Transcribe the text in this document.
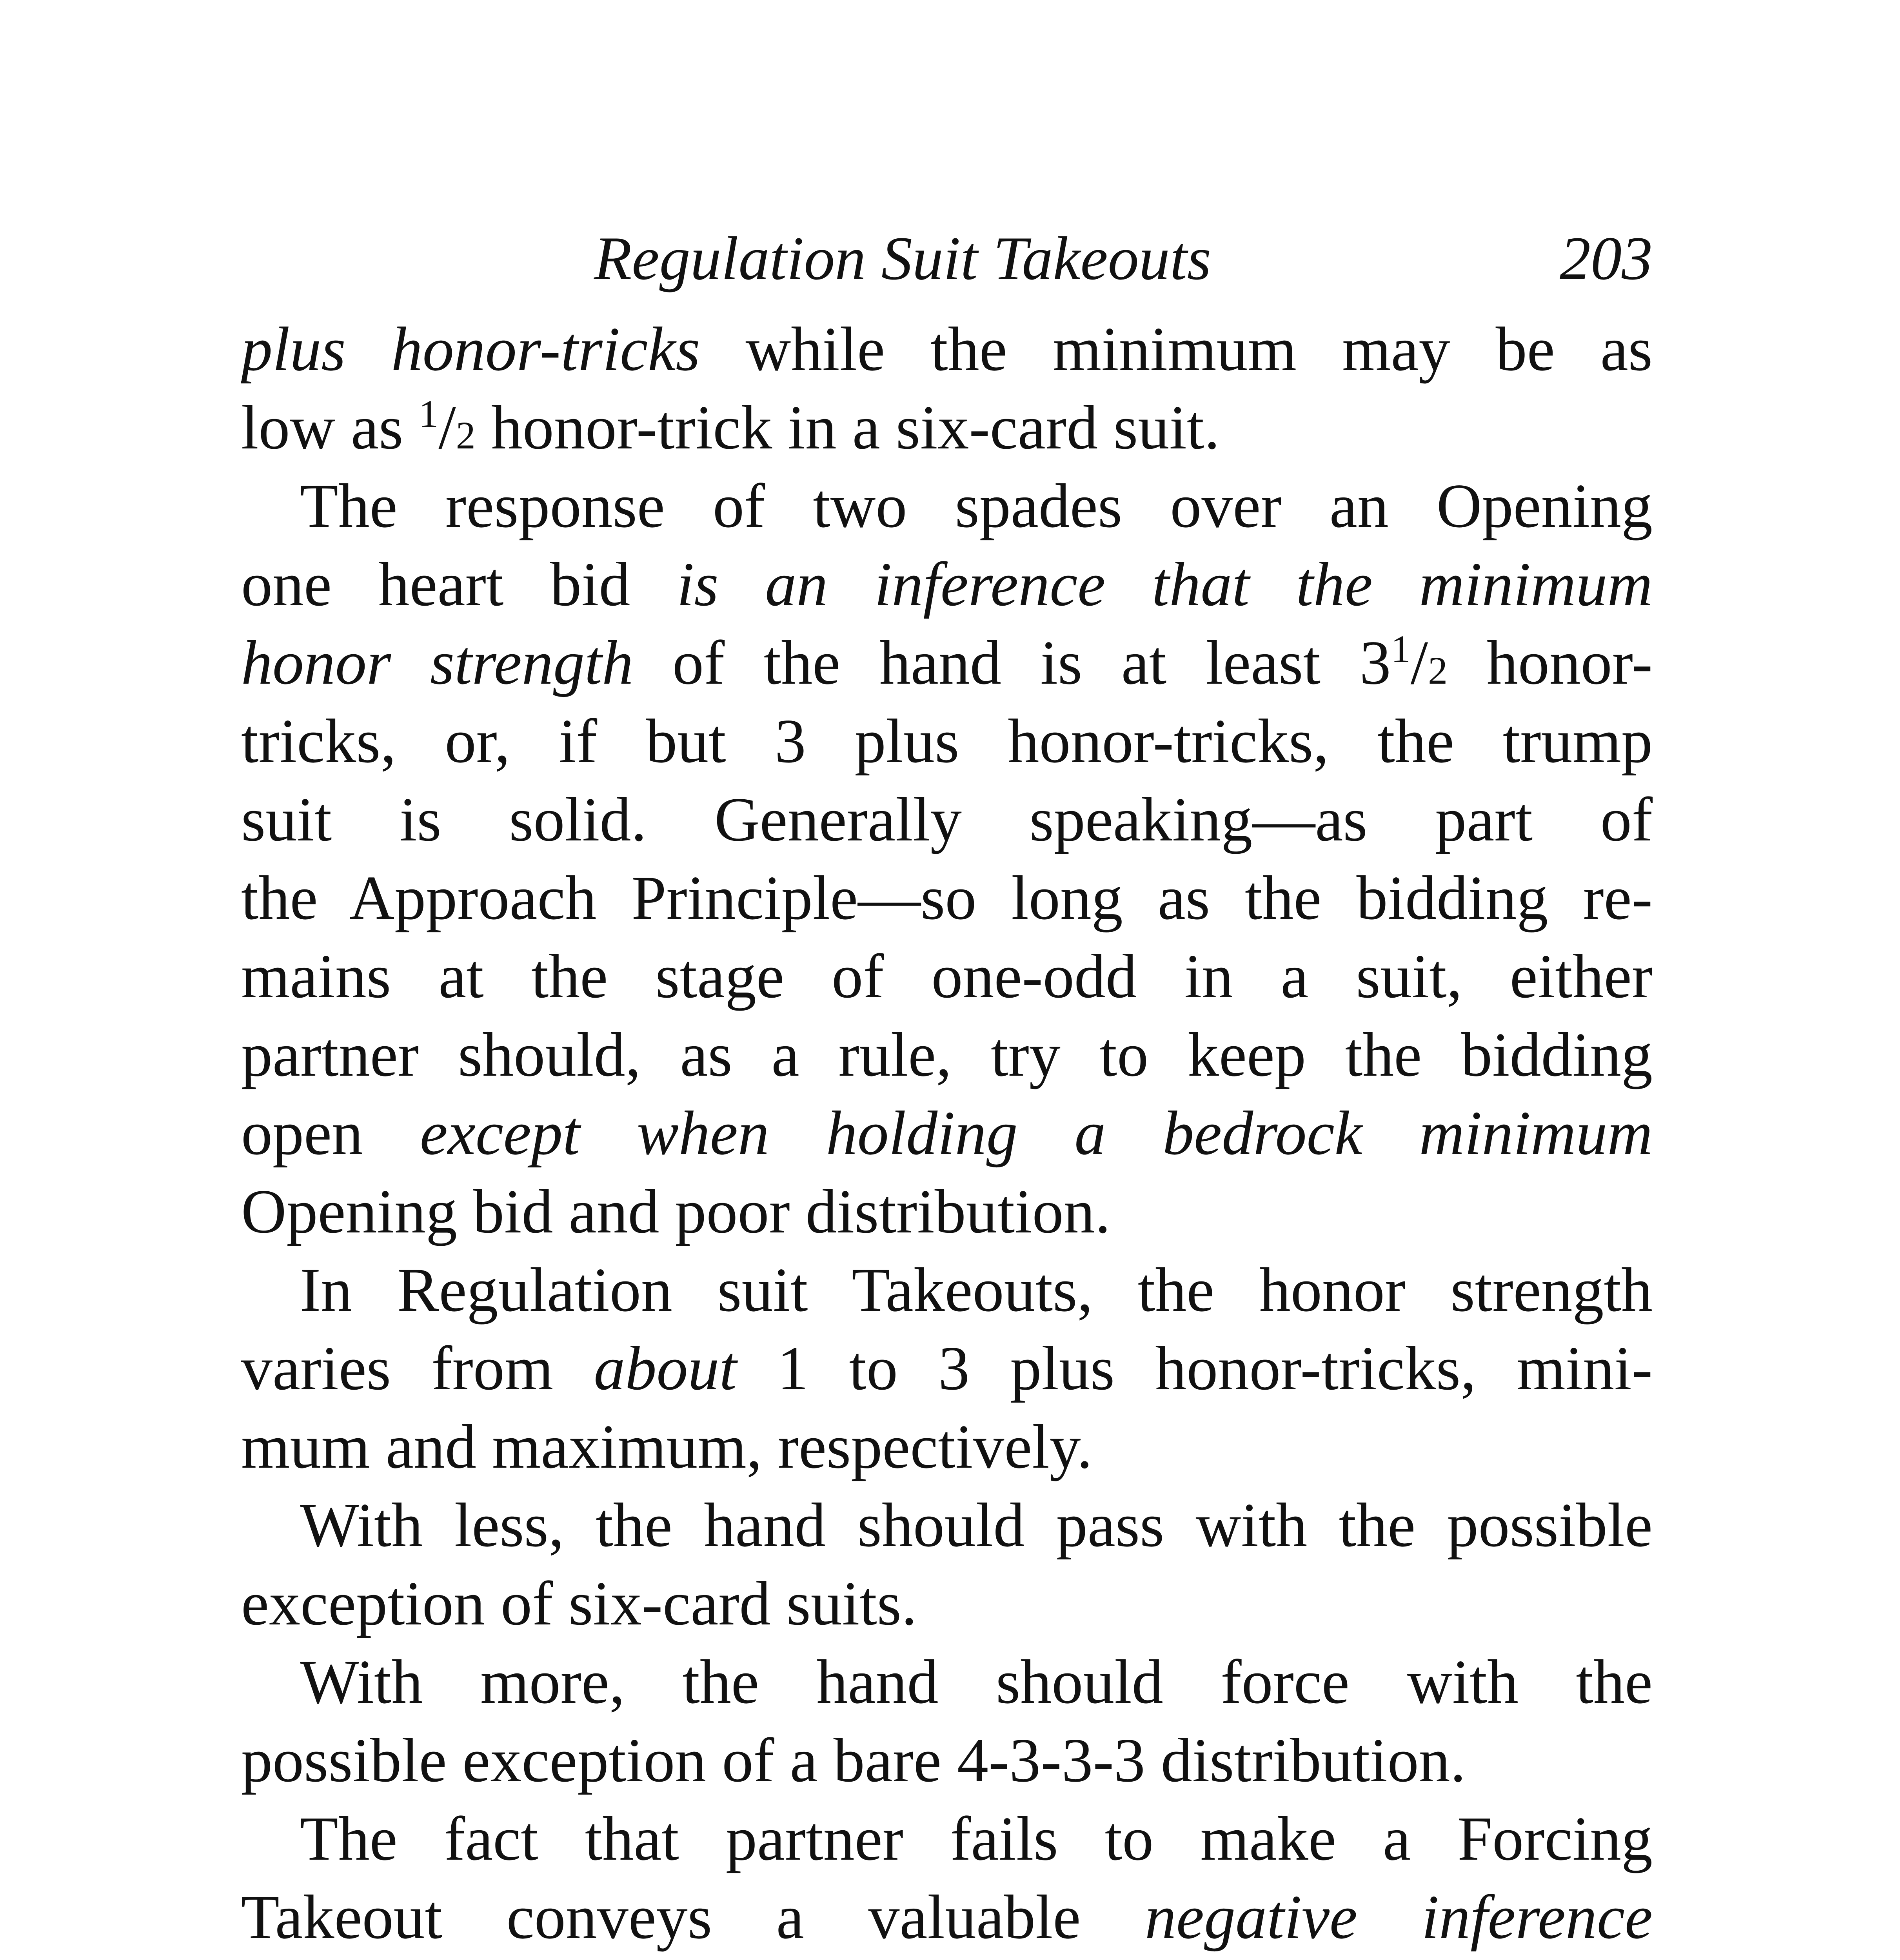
Regulation Suit Takeouts	203
plus honor-tricks while the minimum may be as
low as $^1$/2 honor-trick in a six-card suit.
The response of two spades over an Opening
one heart bid is an inference that the minimum
honor strength of the hand is at least $3^1/2$ honor-
tricks, or, if but 3 plus honor-tricks, the trump
suit is solid. Generally speaking—as part of
the Approach Principle—so long as the bidding re-
mains at the stage of one-odd in a suit, either
partner should, as a rule, try to keep the bidding
open except when holding a bedrock minimum
Opening bid and poor distribution.
In Regulation suit Takeouts, the honor strength
varies from about 1 to 3 plus honor-tricks, mini-
mum and maximum, respectively.
With less, the hand should pass with the possible
exception of six-card suits.
With more, the hand should force with the
possible exception of a bare 4-3-3-3 distribution.
The fact that partner fails to make a Forcing
Takeout conveys a valuable negative inference
